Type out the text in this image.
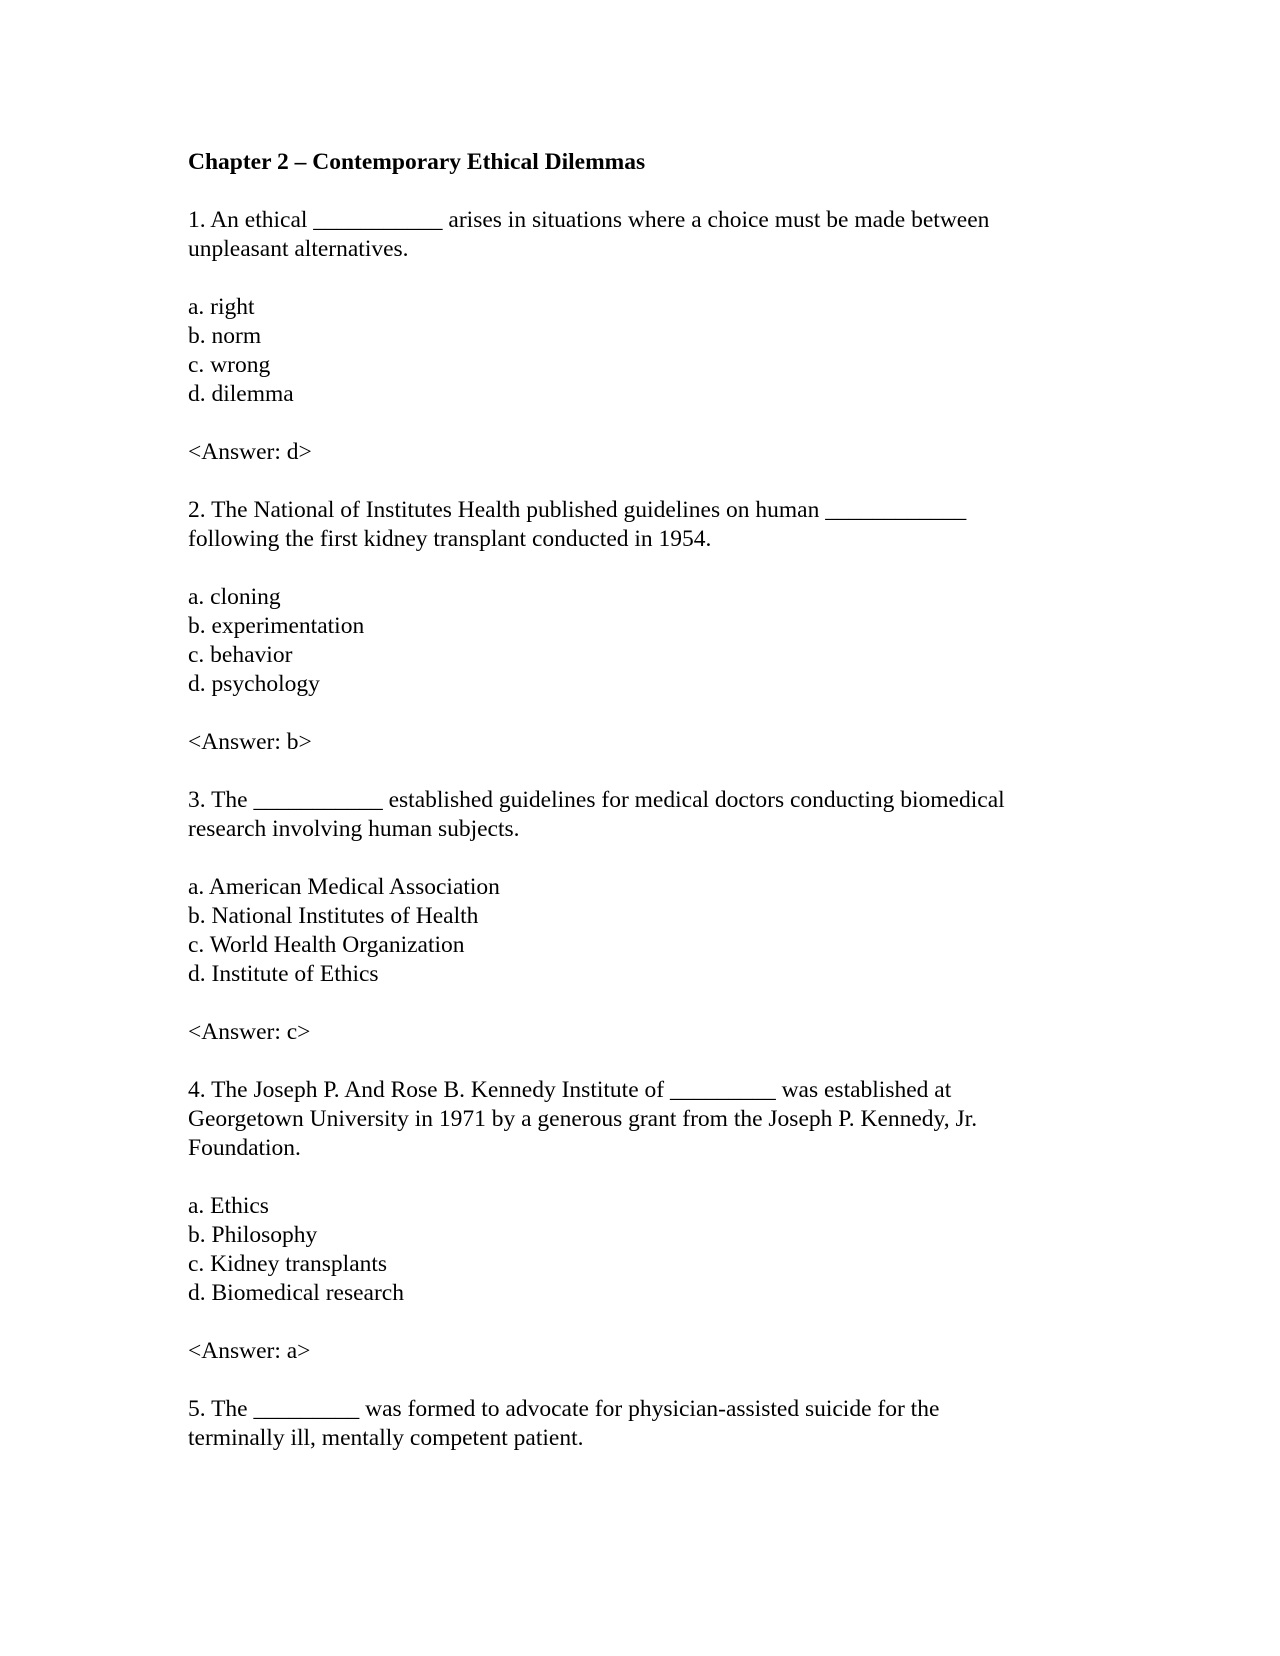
Chapter 2 – Contemporary Ethical Dilemmas
1. An ethical ___________ arises in situations where a choice must be made between
unpleasant alternatives.
a. right
b. norm
c. wrong
d. dilemma
<Answer: d>
2. The National of Institutes Health published guidelines on human ____________
following the first kidney transplant conducted in 1954.
a. cloning
b. experimentation
c. behavior
d. psychology
<Answer: b>
3. The ___________ established guidelines for medical doctors conducting biomedical
research involving human subjects.
a. American Medical Association
b. National Institutes of Health
c. World Health Organization
d. Institute of Ethics
<Answer: c>
4. The Joseph P. And Rose B. Kennedy Institute of _________ was established at
Georgetown University in 1971 by a generous grant from the Joseph P. Kennedy, Jr.
Foundation.
a. Ethics
b. Philosophy
c. Kidney transplants
d. Biomedical research
<Answer: a>
5. The _________ was formed to advocate for physician-assisted suicide for the
terminally ill, mentally competent patient.
